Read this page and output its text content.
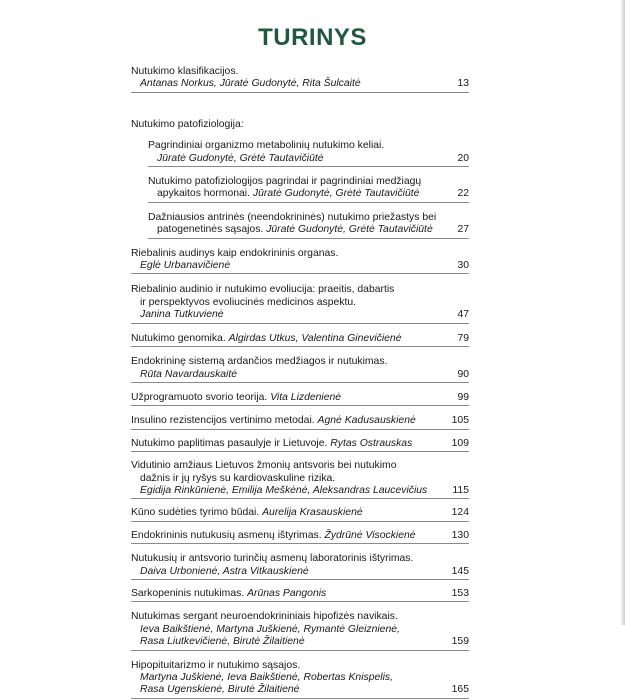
TURINYS
Nutukimo klasifikacijos.
Antanas Norkus, Jūratė Gudonytė, Rita Šulcaitė	13
Nutukimo patofiziologija:
Pagrindiniai organizmo metabolinių nutukimo keliai.
Jūratė Gudonytė, Grėtė Tautavičiūtė	20
Nutukimo patofiziologijos pagrindai ir pagrindiniai medžiagų
apykaitos hormonai. Jūratė Gudonytė, Grėtė Tautavičiūtė	22
Dažniausios antrinės (neendokrininės) nutukimo priežastys bei
patogenetinės sąsajos. Jūratė Gudonytė, Grėtė Tautavičiūtė	27
Riebalinis audinys kaip endokrininis organas.
Eglė Urbanavičienė	30
Riebalinio audinio ir nutukimo evoliucija: praeitis, dabartis
ir perspektyvos evoliucinės medicinos aspektu.
Janina Tutkuvienė	47
Nutukimo genomika. Algirdas Utkus, Valentina Ginevičienė	79
Endokrininę sistemą ardančios medžiagos ir nutukimas.
Rūta Navardauskaitė	90
Užprogramuoto svorio teorija. Vita Lizdenienė	99
Insulino rezistencijos vertinimo metodai. Agnė Kadusauskienė	105
Nutukimo paplitimas pasaulyje ir Lietuvoje. Rytas Ostrauskas	109
Vidutinio amžiaus Lietuvos žmonių antsvoris bei nutukimo
dažnis ir jų ryšys su kardiovaskuline rizika.
Egidija Rinkūnienė, Emilija Meškėnė, Aleksandras Laucevičius	115
Kūno sudėties tyrimo būdai. Aurelija Krasauskienė	124
Endokrininis nutukusių asmenų ištyrimas. Žydrūnė Visockienė	130
Nutukusių ir antsvorio turinčių asmenų laboratorinis ištyrimas.
Daiva Urbonienė, Astra Vitkauskienė	145
Sarkopeninis nutukimas. Arūnas Pangonis	153
Nutukimas sergant neuroendokrininiais hipofizės navikais.
Ieva Baikštienė, Martyna Juškienė, Rymantė Gleiznienė,
Rasa Liutkevičienė, Birutė Žilaitienė	159
Hipopituitarizmo ir nutukimo sąsajos.
Martyna Juškienė, Ieva Baikštienė, Robertas Knispelis,
Rasa Ugenskienė, Birutė Žilaitienė	165
